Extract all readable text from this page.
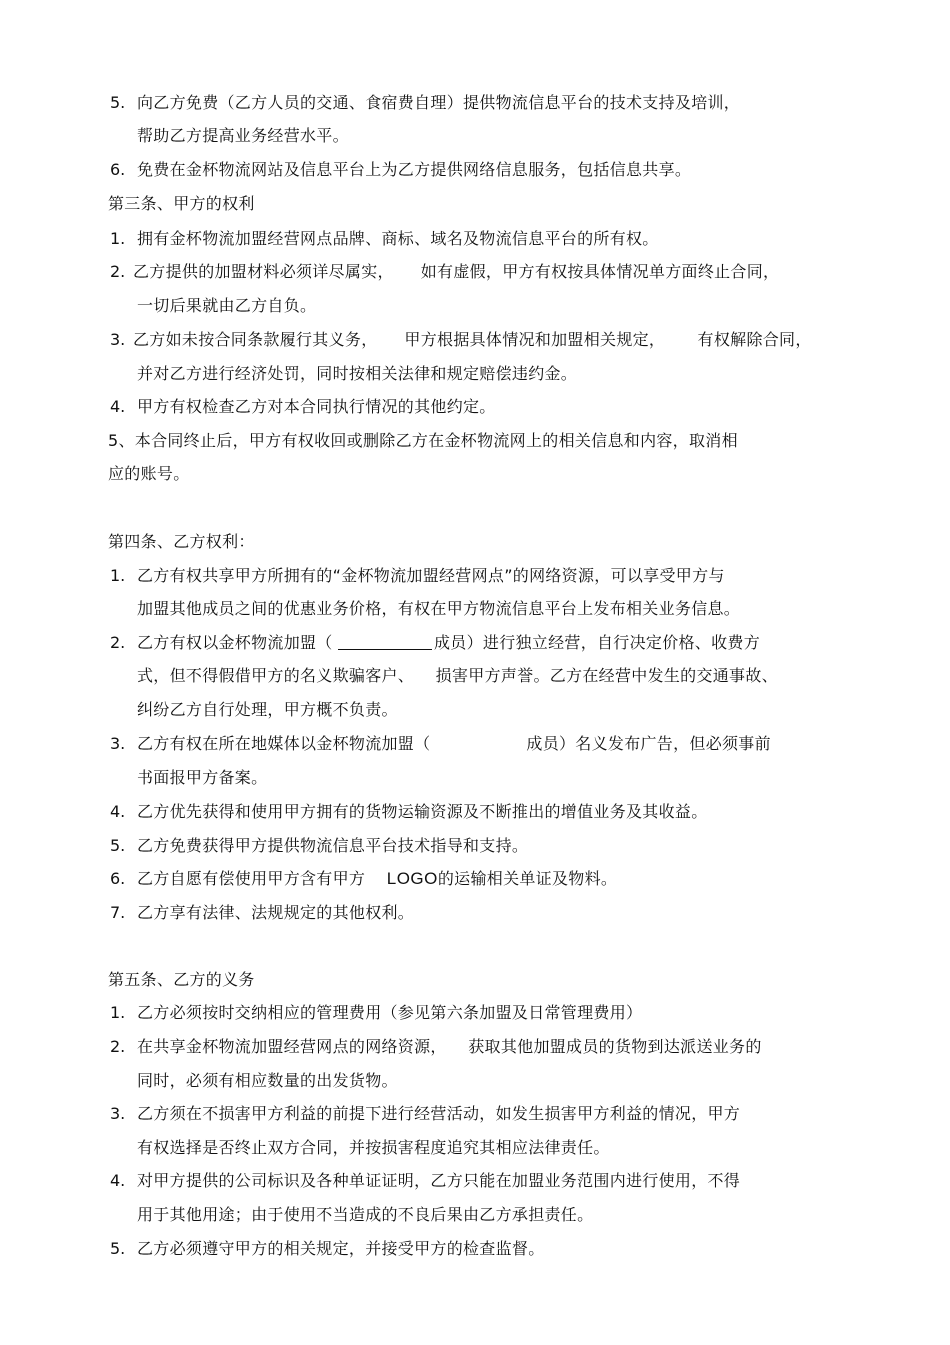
5. 向乙方免费（乙方人员的交通、食宿费自理）提供物流信息平台的技术支持及培训，
帮助乙方提高业务经营水平。
6. 免费在金杯物流网站及信息平台上为乙方提供网络信息服务，包括信息共享。
第三条、甲方的权利
1. 拥有金杯物流加盟经营网点品牌、商标、域名及物流信息平台的所有权。
2. 乙方提供的加盟材料必须详尽属实，     如有虚假，甲方有权按具体情况单方面终止合同，
一切后果就由乙方自负。
3. 乙方如未按合同条款履行其义务，     甲方根据具体情况和加盟相关规定，      有权解除合同，
并对乙方进行经济处罚，同时按相关法律和规定赔偿违约金。
4. 甲方有权检查乙方对本合同执行情况的其他约定。
5、本合同终止后，甲方有权收回或删除乙方在金杯物流网上的相关信息和内容，取消相
应的账号。
第四条、乙方权利：
1. 乙方有权共享甲方所拥有的“金杯物流加盟经营网点”的网络资源，可以享受甲方与
加盟其他成员之间的优惠业务价格，有权在甲方物流信息平台上发布相关业务信息。
2. 乙方有权以金杯物流加盟（	成员）进行独立经营，自行决定价格、收费方
式，但不得假借甲方的名义欺骗客户、    损害甲方声誉。乙方在经营中发生的交通事故、
纠纷乙方自行处理，甲方概不负责。
3. 乙方有权在所在地媒体以金杯物流加盟（	成员）名义发布广告，但必须事前
书面报甲方备案。
4. 乙方优先获得和使用甲方拥有的货物运输资源及不断推出的增值业务及其收益。
5. 乙方免费获得甲方提供物流信息平台技术指导和支持。
6. 乙方自愿有偿使用甲方含有甲方    LOGO的运输相关单证及物料。
7. 乙方享有法律、法规规定的其他权利。
第五条、乙方的义务
1. 乙方必须按时交纳相应的管理费用（参见第六条加盟及日常管理费用）
2. 在共享金杯物流加盟经营网点的网络资源，    获取其他加盟成员的货物到达派送业务的
同时，必须有相应数量的出发货物。
3. 乙方须在不损害甲方利益的前提下进行经营活动，如发生损害甲方利益的情况，甲方
有权选择是否终止双方合同，并按损害程度追究其相应法律责任。
4. 对甲方提供的公司标识及各种单证证明，乙方只能在加盟业务范围内进行使用，不得
用于其他用途；由于使用不当造成的不良后果由乙方承担责任。
5. 乙方必须遵守甲方的相关规定，并接受甲方的检查监督。
